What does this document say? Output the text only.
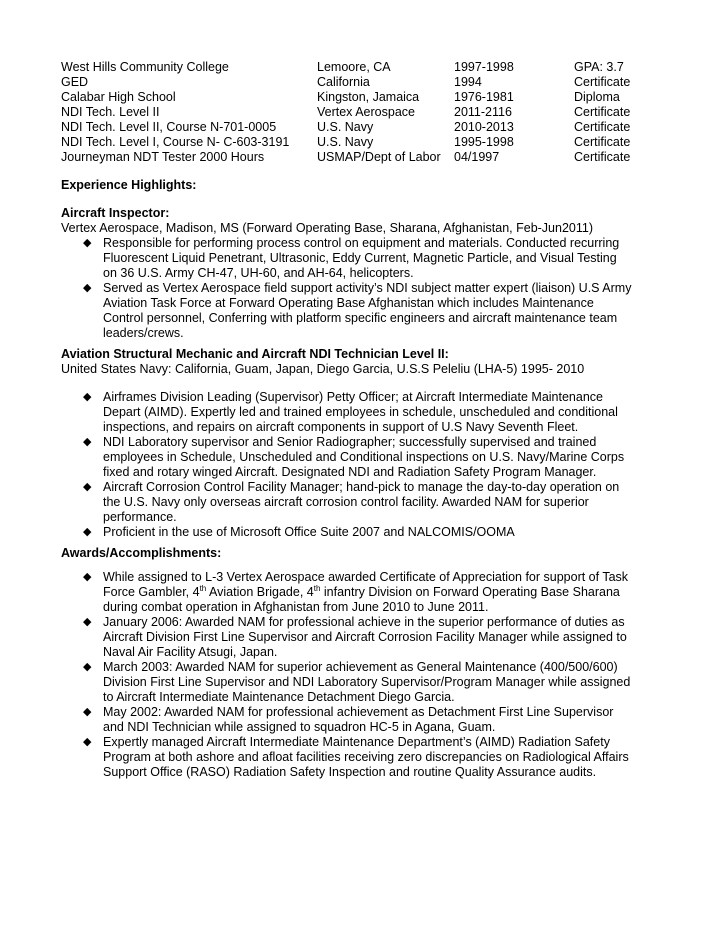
West Hills Community College	Lemoore, CA	1997-1998	GPA: 3.7
GED	California	1994	Certificate
Calabar High School	Kingston, Jamaica	1976-1981	Diploma
NDI Tech. Level II	Vertex Aerospace	2011-2116	Certificate
NDI Tech. Level II, Course N-701-0005	U.S. Navy	2010-2013	Certificate
NDI Tech. Level I, Course N- C-603-3191	U.S. Navy	1995-1998	Certificate
Journeyman NDT Tester 2000 Hours	USMAP/Dept of Labor	04/1997	Certificate
Experience Highlights:
Aircraft Inspector:
Vertex Aerospace, Madison, MS (Forward Operating Base, Sharana, Afghanistan, Feb-Jun2011)
◆ Responsible for performing process control on equipment and materials. Conducted recurring
Fluorescent Liquid Penetrant, Ultrasonic, Eddy Current, Magnetic Particle, and Visual Testing
on 36 U.S. Army CH-47, UH-60, and AH-64, helicopters.
◆ Served as Vertex Aerospace field support activity’s NDI subject matter expert (liaison) U.S Army
Aviation Task Force at Forward Operating Base Afghanistan which includes Maintenance
Control personnel, Conferring with platform specific engineers and aircraft maintenance team
leaders/crews.
Aviation Structural Mechanic and Aircraft NDI Technician Level II:
United States Navy: California, Guam, Japan, Diego Garcia, U.S.S Peleliu (LHA-5) 1995- 2010
◆ Airframes Division Leading (Supervisor) Petty Officer; at Aircraft Intermediate Maintenance
Depart (AIMD). Expertly led and trained employees in schedule, unscheduled and conditional
inspections, and repairs on aircraft components in support of U.S Navy Seventh Fleet.
◆ NDI Laboratory supervisor and Senior Radiographer; successfully supervised and trained
employees in Schedule, Unscheduled and Conditional inspections on U.S. Navy/Marine Corps
fixed and rotary winged Aircraft. Designated NDI and Radiation Safety Program Manager.
◆ Aircraft Corrosion Control Facility Manager; hand-pick to manage the day-to-day operation on
the U.S. Navy only overseas aircraft corrosion control facility. Awarded NAM for superior
performance.
◆ Proficient in the use of Microsoft Office Suite 2007 and NALCOMIS/OOMA
Awards/Accomplishments:
◆ While assigned to L-3 Vertex Aerospace awarded Certificate of Appreciation for support of Task
Force Gambler, 4th Aviation Brigade, 4th infantry Division on Forward Operating Base Sharana
during combat operation in Afghanistan from June 2010 to June 2011.
◆ January 2006: Awarded NAM for professional achieve in the superior performance of duties as
Aircraft Division First Line Supervisor and Aircraft Corrosion Facility Manager while assigned to
Naval Air Facility Atsugi, Japan.
◆ March 2003: Awarded NAM for superior achievement as General Maintenance (400/500/600)
Division First Line Supervisor and NDI Laboratory Supervisor/Program Manager while assigned
to Aircraft Intermediate Maintenance Detachment Diego Garcia.
◆ May 2002: Awarded NAM for professional achievement as Detachment First Line Supervisor
and NDI Technician while assigned to squadron HC-5 in Agana, Guam.
◆ Expertly managed Aircraft Intermediate Maintenance Department’s (AIMD) Radiation Safety
Program at both ashore and afloat facilities receiving zero discrepancies on Radiological Affairs
Support Office (RASO) Radiation Safety Inspection and routine Quality Assurance audits.
